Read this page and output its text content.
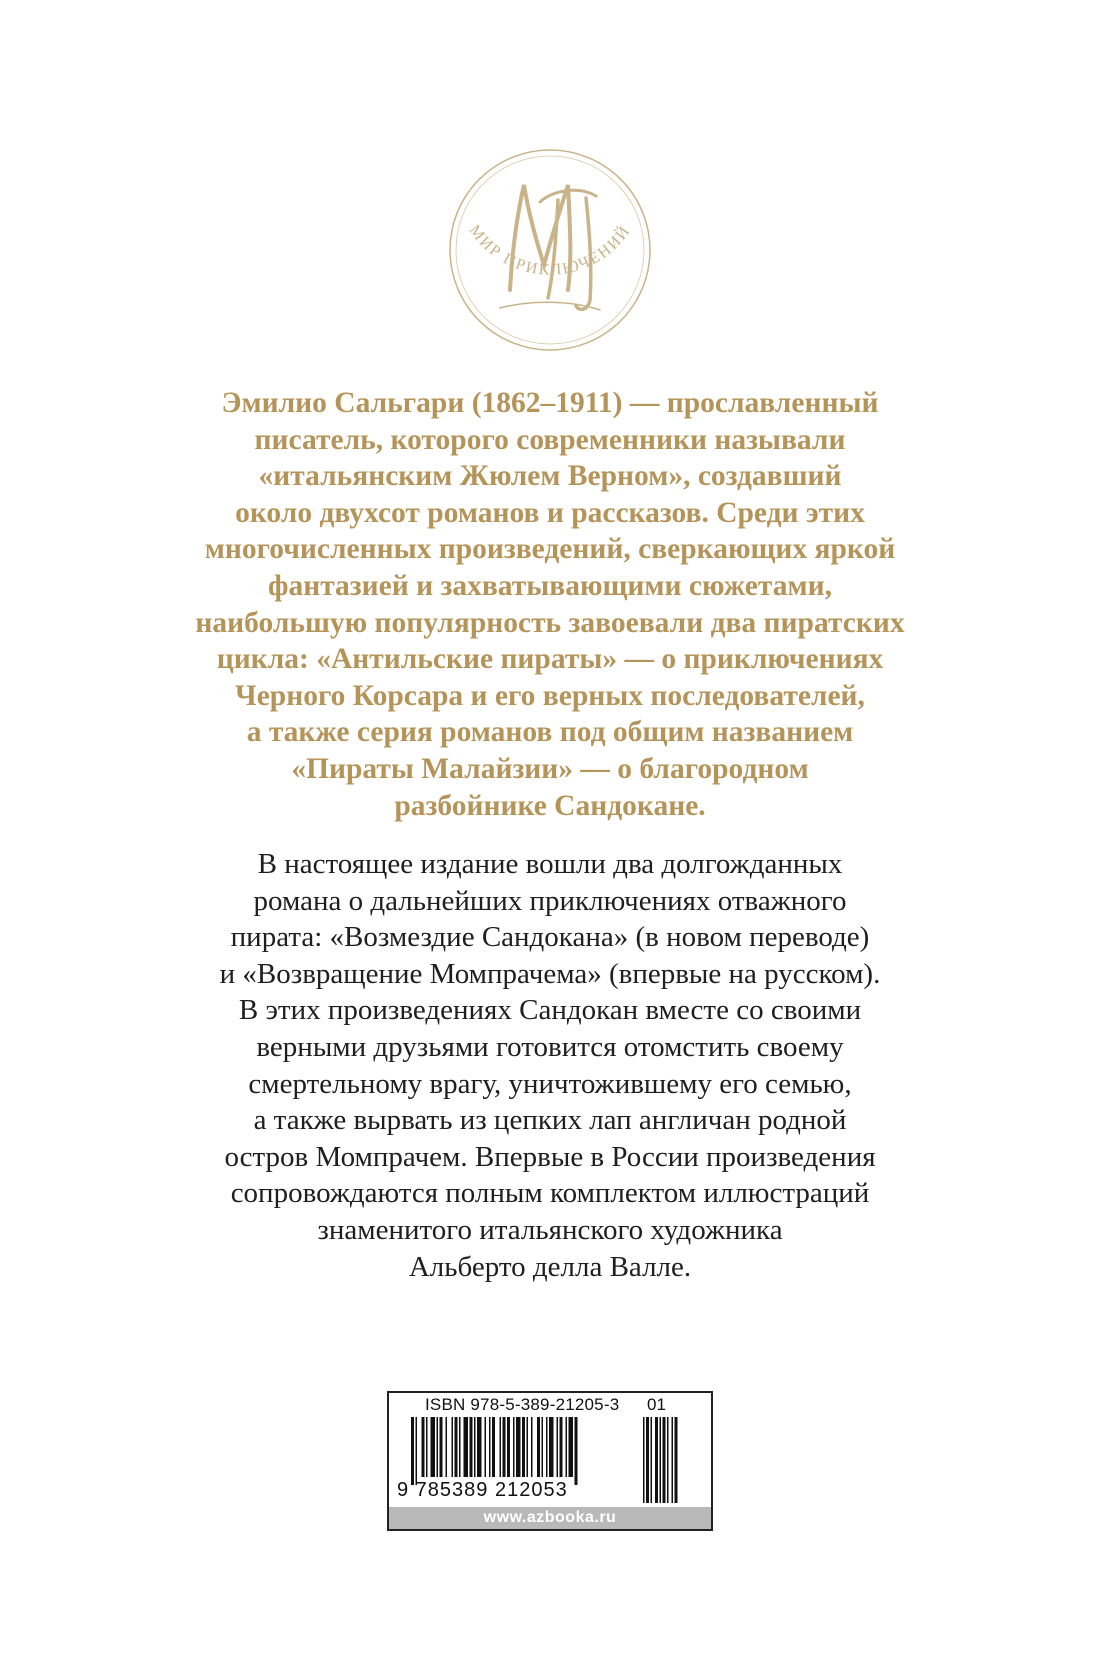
МИР ПРИКЛЮЧЕНИЙ
Эмилио Сальгари (1862–1911) — прославленный
писатель, которого современники называли
«итальянским Жюлем Верном», создавший
около двухсот романов и рассказов. Среди этих
многочисленных произведений, сверкающих яркой
фантазией и захватывающими сюжетами,
наибольшую популярность завоевали два пиратских
цикла: «Антильские пираты» — о приключениях
Черного Корсара и его верных последователей,
а также серия романов под общим названием
«Пираты Малайзии» — о благородном
разбойнике Сандокане.
В настоящее издание вошли два долгожданных
романа о дальнейших приключениях отважного
пирата: «Возмездие Сандокана» (в новом переводе)
и «Возвращение Момпрачема» (впервые на русском).
В этих произведениях Сандокан вместе со своими
верными друзьями готовится отомстить своему
смертельному врагу, уничтожившему его семью,
а также вырвать из цепких лап англичан родной
остров Момпрачем. Впервые в России произведения
сопровождаются полным комплектом иллюстраций
знаменитого итальянского художника
Альберто делла Валле.
ISBN 978-5-389-21205-3 01
9 785389 212053
www.azbooka.ru
